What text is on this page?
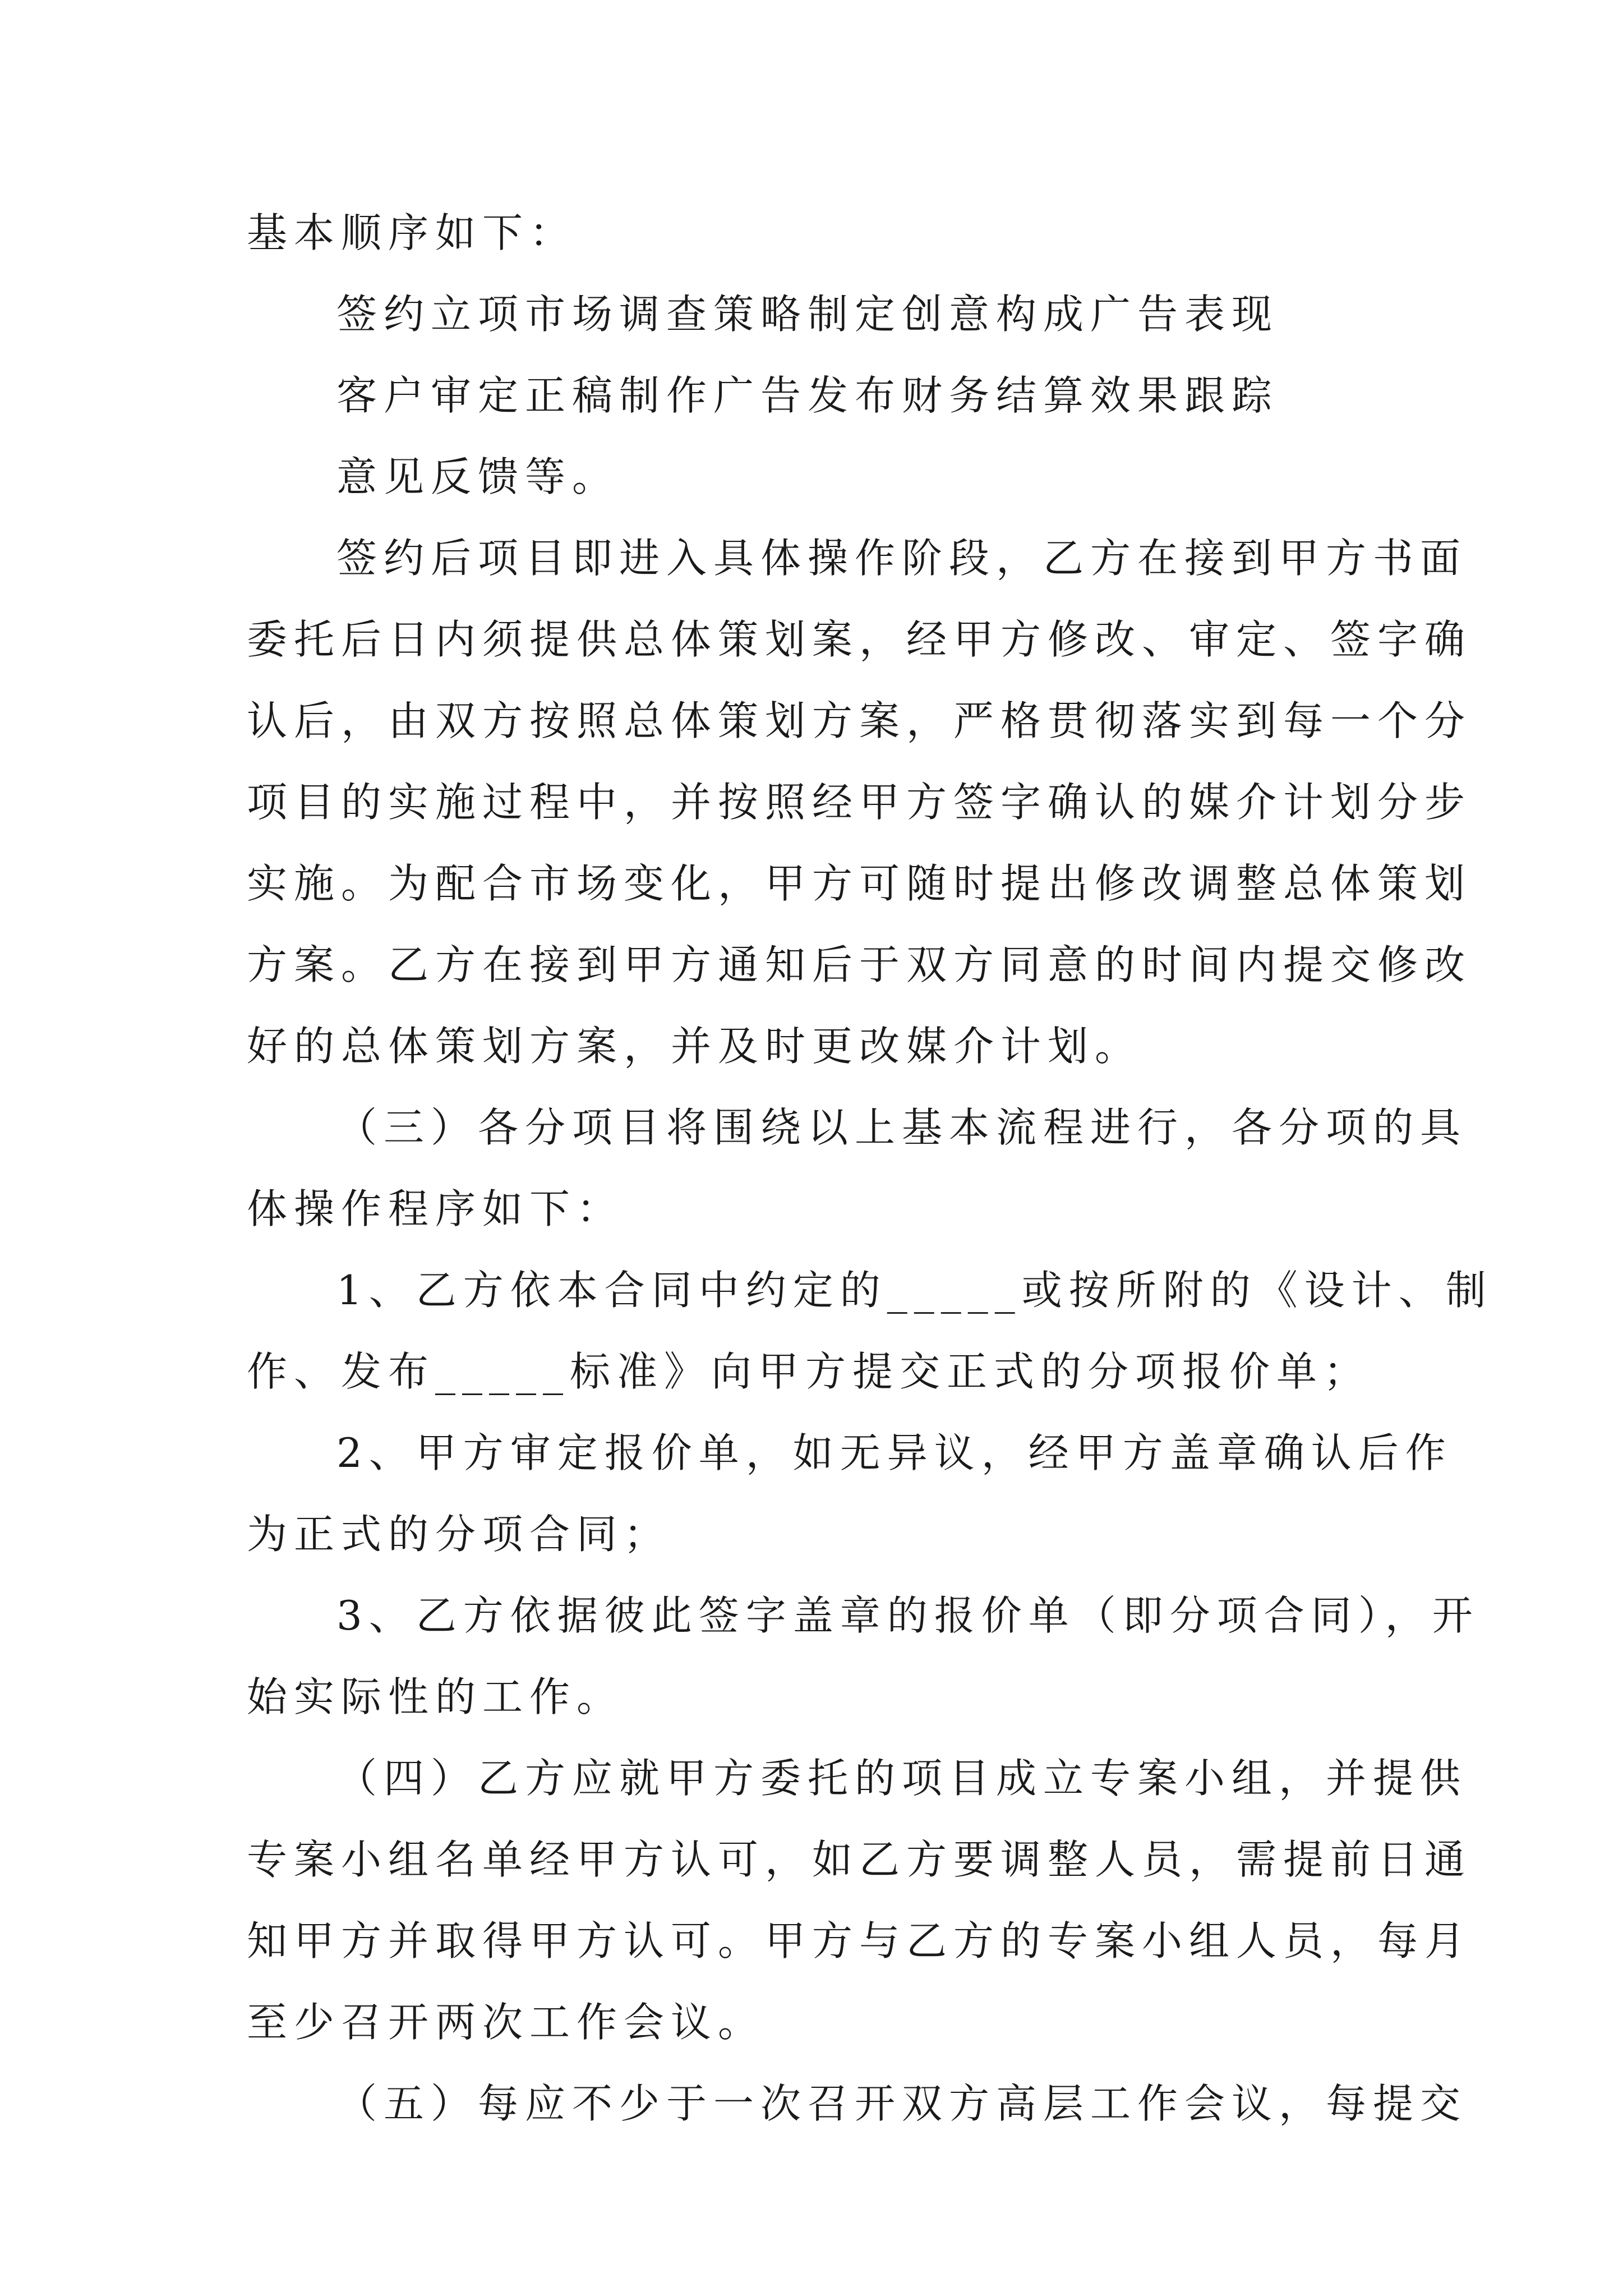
基本顺序如下：

签约立项市场调查策略制定创意构成广告表现

客户审定正稿制作广告发布财务结算效果跟踪

意见反馈等。

签约后项目即进入具体操作阶段，乙方在接到甲方书面

委托后日内须提供总体策划案，经甲方修改、审定、签字确

认后，由双方按照总体策划方案，严格贯彻落实到每一个分

项目的实施过程中，并按照经甲方签字确认的媒介计划分步

实施。为配合市场变化，甲方可随时提出修改调整总体策划

方案。乙方在接到甲方通知后于双方同意的时间内提交修改

好的总体策划方案，并及时更改媒介计划。

（三）各分项目将围绕以上基本流程进行，各分项的具

体操作程序如下：

1、乙方依本合同中约定的_____或按所附的《设计、制

作、发布_____标准》向甲方提交正式的分项报价单；

2、甲方审定报价单，如无异议，经甲方盖章确认后作

为正式的分项合同；

3、乙方依据彼此签字盖章的报价单（即分项合同），开

始实际性的工作。

（四）乙方应就甲方委托的项目成立专案小组，并提供

专案小组名单经甲方认可，如乙方要调整人员，需提前日通

知甲方并取得甲方认可。甲方与乙方的专案小组人员，每月

至少召开两次工作会议。

（五）每应不少于一次召开双方高层工作会议，每提交
